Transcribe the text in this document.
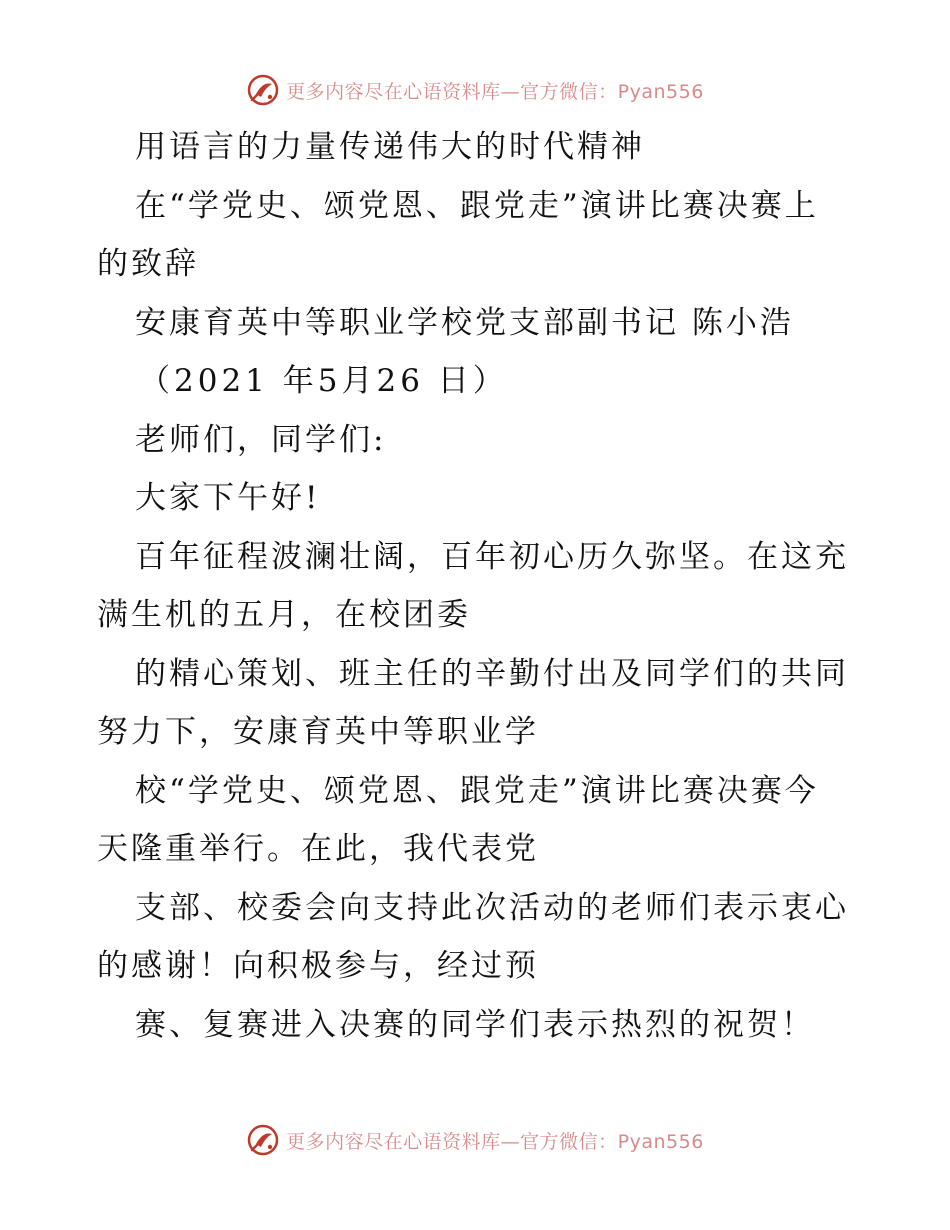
更多内容尽在心语资料库—官方微信：Pyan556
用语言的力量传递伟大的时代精神
在“学党史、颂党恩、跟党走”演讲比赛决赛上
的致辞
安康育英中等职业学校党支部副书记 陈小浩
（2021 年5月26 日）
老师们，同学们:
大家下午好!
百年征程波澜壮阔，百年初心历久弥坚。在这充
满生机的五月，在校团委
的精心策划、班主任的辛勤付出及同学们的共同
努力下，安康育英中等职业学
校“学党史、颂党恩、跟党走”演讲比赛决赛今
天隆重举行。在此，我代表党
支部、校委会向支持此次活动的老师们表示衷心
的感谢！向积极参与，经过预
赛、复赛进入决赛的同学们表示热烈的祝贺！
更多内容尽在心语资料库—官方微信：Pyan556
